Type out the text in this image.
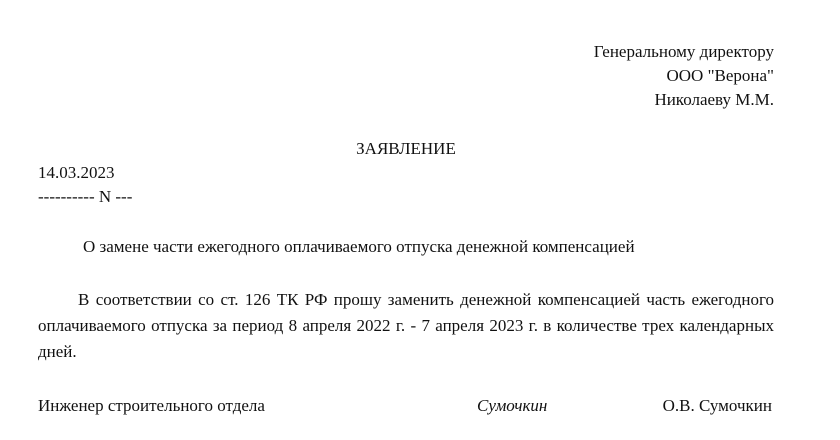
Генеральному директору
ООО "Верона"
Николаеву М.М.
ЗАЯВЛЕНИЕ
14.03.2023
---------- N ---
О замене части ежегодного оплачиваемого отпуска денежной компенсацией

В соответствии со ст. 126 ТК РФ прошу заменить денежной компенсацией часть ежегодного оплачиваемого отпуска за период 8 апреля 2022 г. - 7 апреля 2023 г. в количестве трех календарных дней.

Инженер строительного отдела	Сумочкин	О.В. Сумочкин
